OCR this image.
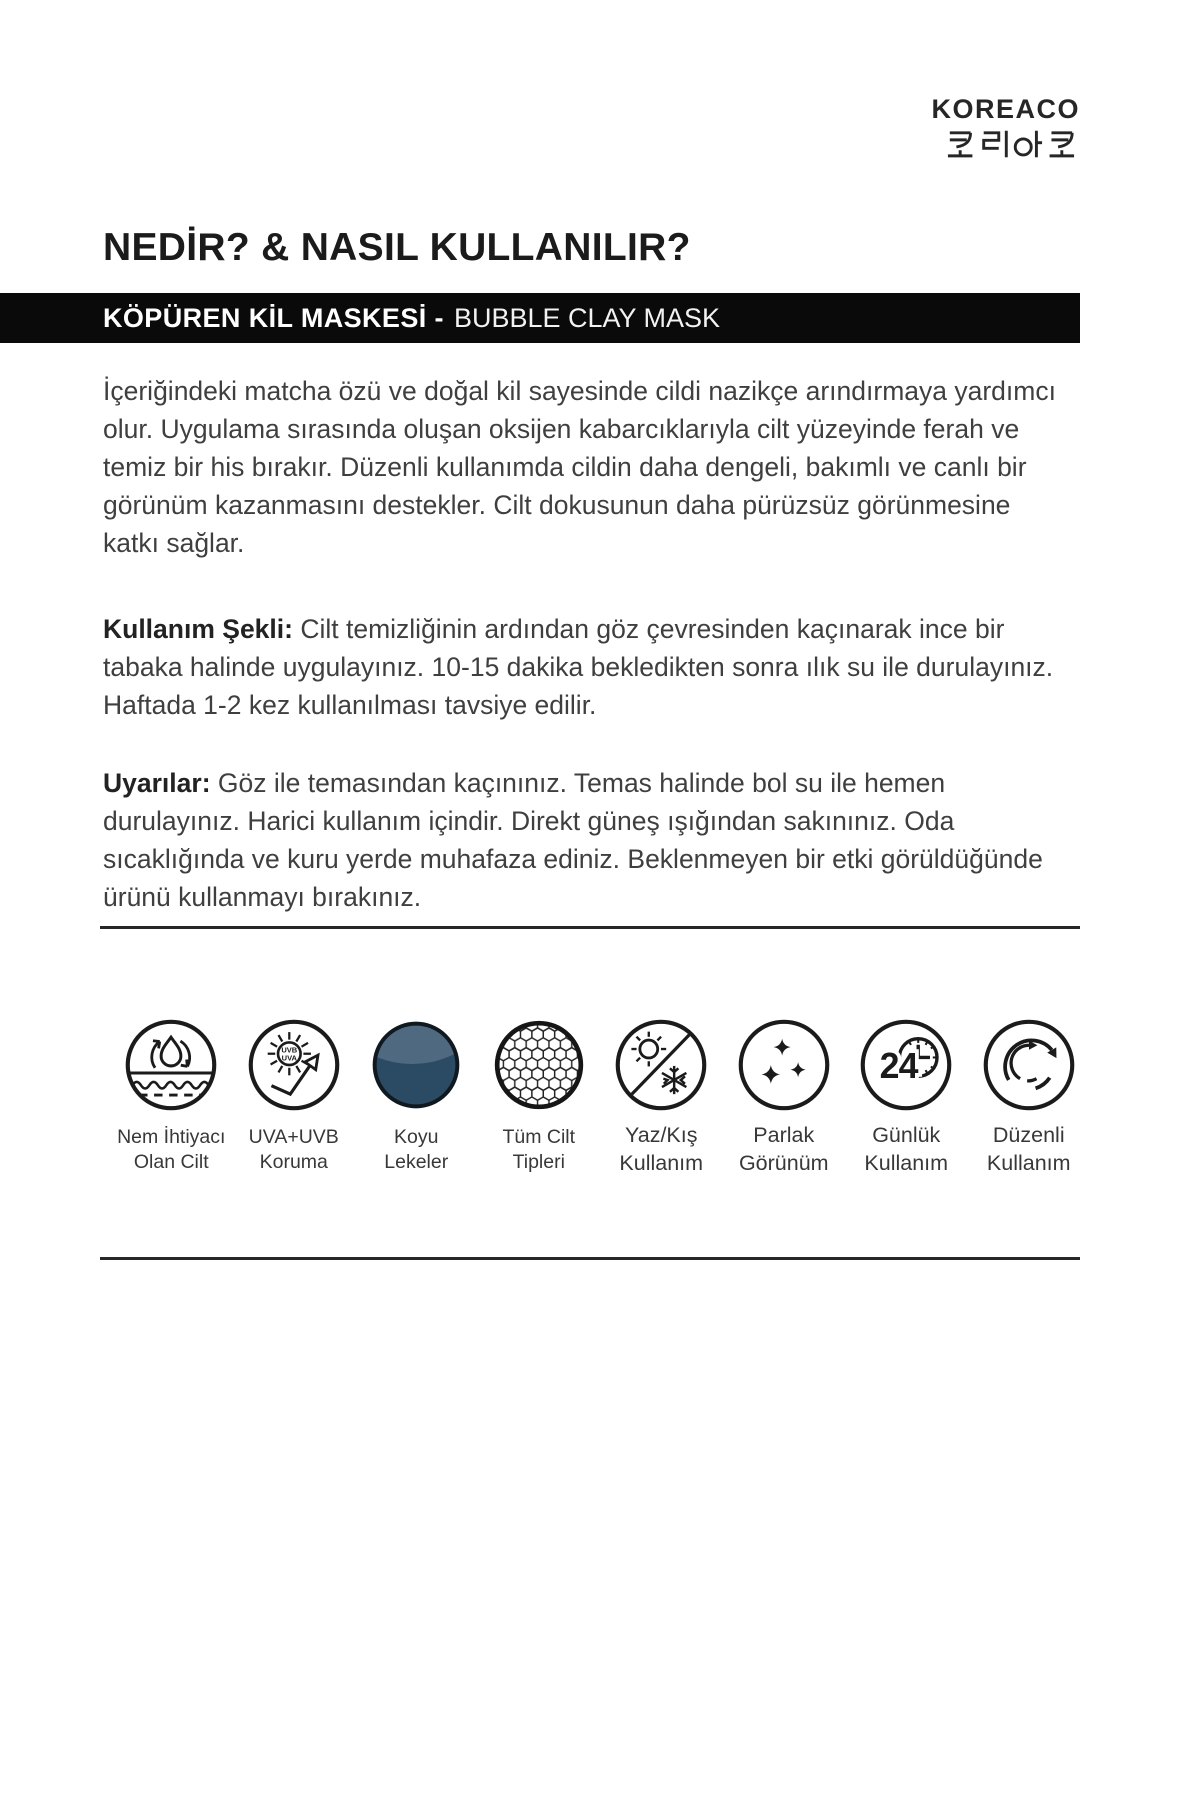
KOREACO
NEDİR? & NASIL KULLANILIR?
KÖPÜREN KİL MASKESİ - BUBBLE CLAY MASK

İçeriğindeki matcha özü ve doğal kil sayesinde cildi nazikçe arındırmaya yardımcı olur. Uygulama sırasında oluşan oksijen kabarcıklarıyla cilt yüzeyinde ferah ve temiz bir his bırakır. Düzenli kullanımda cildin daha dengeli, bakımlı ve canlı bir görünüm kazanmasını destekler. Cilt dokusunun daha pürüzsüz görünmesine katkı sağlar.

Kullanım Şekli: Cilt temizliğinin ardından göz çevresinden kaçınarak ince bir tabaka halinde uygulayınız. 10-15 dakika bekledikten sonra ılık su ile durulayınız. Haftada 1-2 kez kullanılması tavsiye edilir.

Uyarılar: Göz ile temasından kaçınınız. Temas halinde bol su ile hemen durulayınız. Harici kullanım içindir. Direkt güneş ışığından sakınınız. Oda sıcaklığında ve kuru yerde muhafaza ediniz. Beklenmeyen bir etki görüldüğünde ürünü kullanmayı bırakınız.

Nem İhtiyacı
Olan Cilt
UVB
UVA
UVA+UVB
Koruma
Koyu
Lekeler
Tüm Cilt
Tipleri
Yaz/Kış
Kullanım
Parlak
Görünüm
24
Günlük
Kullanım
Düzenli
Kullanım
